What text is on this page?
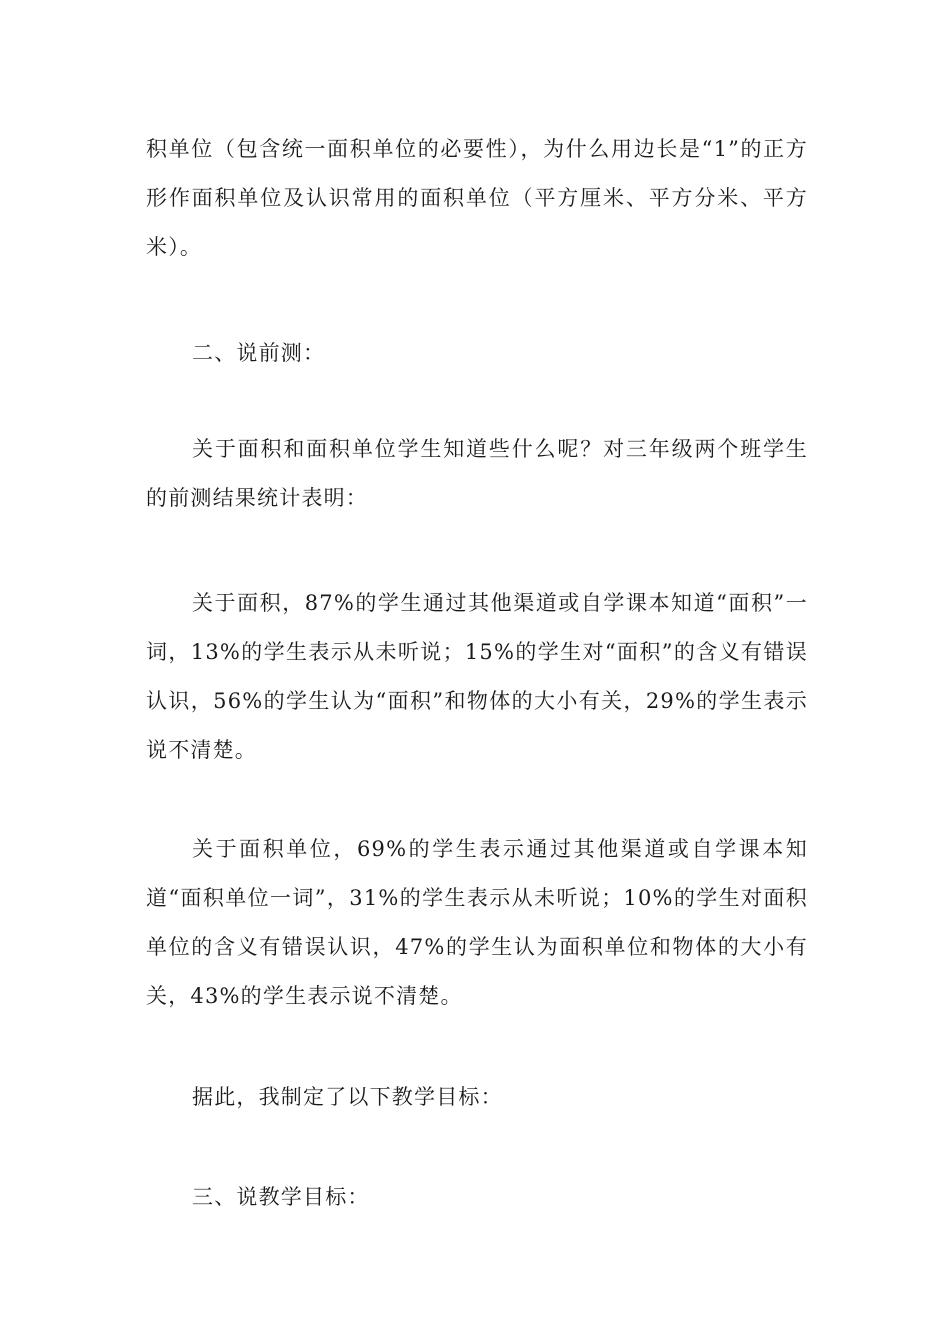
积单位（包含统一面积单位的必要性），为什么用边长是“1”的正方形作面积单位及认识常用的面积单位（平方厘米、平方分米、平方米）。

二、说前测：

关于面积和面积单位学生知道些什么呢？对三年级两个班学生的前测结果统计表明：

关于面积，87%的学生通过其他渠道或自学课本知道“面积”一词，13%的学生表示从未听说；15%的学生对“面积”的含义有错误认识，56%的学生认为“面积”和物体的大小有关，29%的学生表示说不清楚。

关于面积单位，69%的学生表示通过其他渠道或自学课本知道“面积单位一词”，31%的学生表示从未听说；10%的学生对面积单位的含义有错误认识，47%的学生认为面积单位和物体的大小有关，43%的学生表示说不清楚。

据此，我制定了以下教学目标：

三、说教学目标：
